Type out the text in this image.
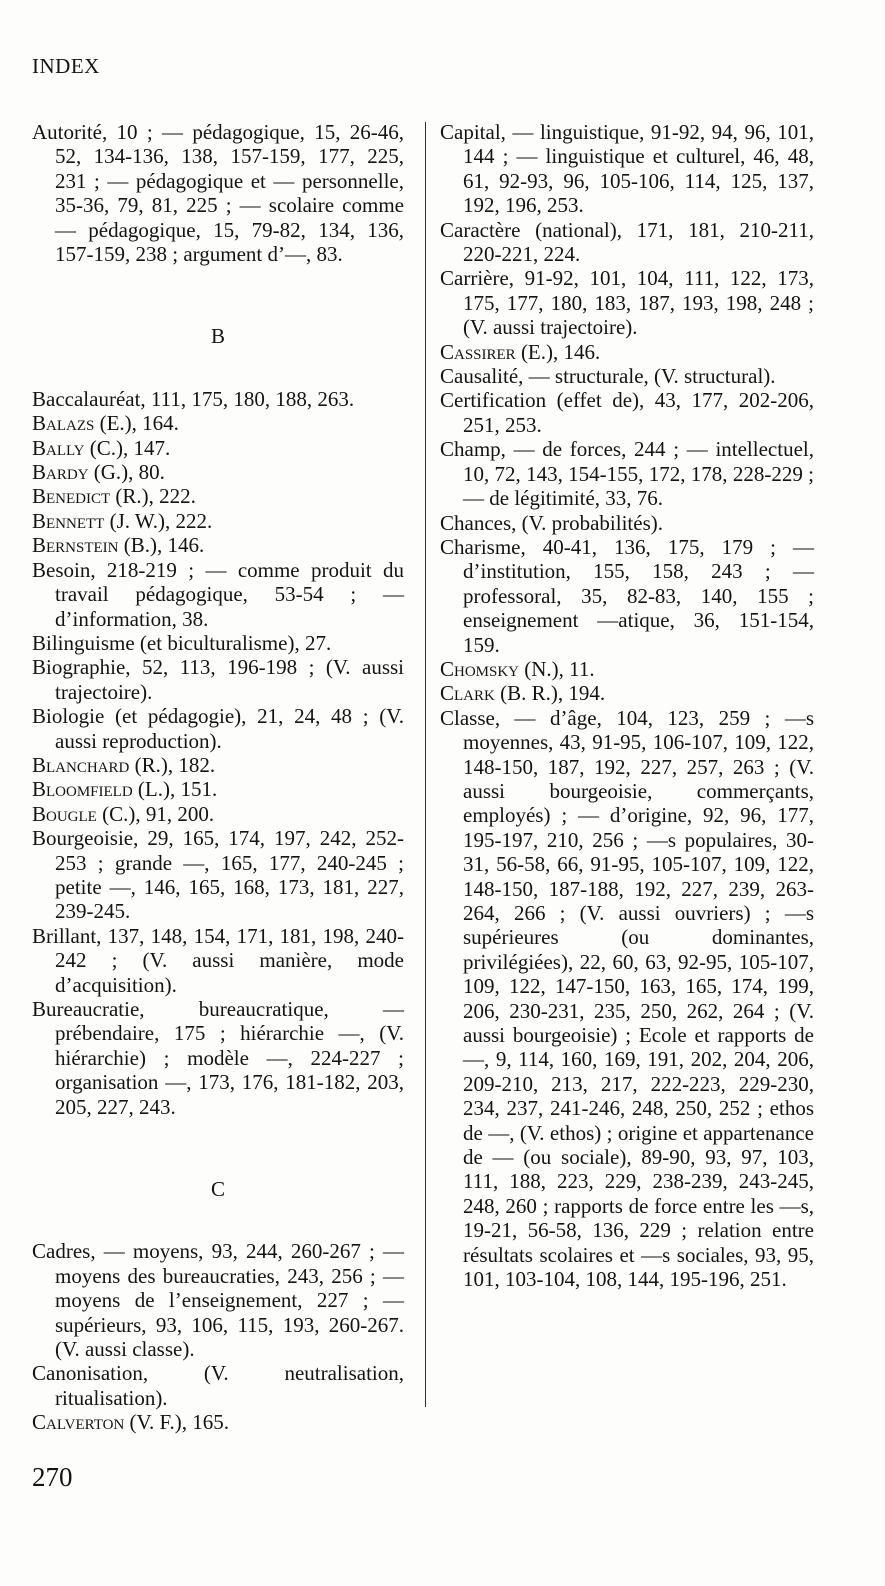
INDEX
Autorité, 10 ; — pédagogique, 15, 26-46, 52, 134-136, 138, 157-159, 177, 225, 231 ; — pédagogique et — personnelle, 35-36, 79, 81, 225 ; — scolaire comme — pédagogique, 15, 79-82, 134, 136, 157-159, 238 ; argument d’—, 83.
B
Baccalauréat, 111, 175, 180, 188, 263.
Balazs (E.), 164.
Bally (C.), 147.
Bardy (G.), 80.
Benedict (R.), 222.
Bennett (J. W.), 222.
Bernstein (B.), 146.
Besoin, 218-219 ; — comme produit du travail pédagogique, 53-54 ; — d’information, 38.
Bilinguisme (et biculturalisme), 27.
Biographie, 52, 113, 196-198 ; (V. aussi trajectoire).
Biologie (et pédagogie), 21, 24, 48 ; (V. aussi reproduction).
Blanchard (R.), 182.
Bloomfield (L.), 151.
Bougle (C.), 91, 200.
Bourgeoisie, 29, 165, 174, 197, 242, 252-253 ; grande —, 165, 177, 240-245 ; petite —, 146, 165, 168, 173, 181, 227, 239-245.
Brillant, 137, 148, 154, 171, 181, 198, 240-242 ; (V. aussi manière, mode d’acquisition).
Bureaucratie, bureaucratique, — prébendaire, 175 ; hiérarchie —, (V. hiérarchie) ; modèle —, 224-227 ; organisation —, 173, 176, 181-182, 203, 205, 227, 243.
C
Cadres, — moyens, 93, 244, 260-267 ; — moyens des bureaucraties, 243, 256 ; — moyens de l’enseignement, 227 ; — supérieurs, 93, 106, 115, 193, 260-267. (V. aussi classe).
Canonisation, (V. neutralisation, ritualisation).
Calverton (V. F.), 165.
Capital, — linguistique, 91-92, 94, 96, 101, 144 ; — linguistique et culturel, 46, 48, 61, 92-93, 96, 105-106, 114, 125, 137, 192, 196, 253.
Caractère (national), 171, 181, 210-211, 220-221, 224.
Carrière, 91-92, 101, 104, 111, 122, 173, 175, 177, 180, 183, 187, 193, 198, 248 ; (V. aussi trajectoire).
Cassirer (E.), 146.
Causalité, — structurale, (V. structural).
Certification (effet de), 43, 177, 202-206, 251, 253.
Champ, — de forces, 244 ; — intellectuel, 10, 72, 143, 154-155, 172, 178, 228-229 ; — de légitimité, 33, 76.
Chances, (V. probabilités).
Charisme, 40-41, 136, 175, 179 ; — d’institution, 155, 158, 243 ; — professoral, 35, 82-83, 140, 155 ; enseignement —atique, 36, 151-154, 159.
Chomsky (N.), 11.
Clark (B. R.), 194.
Classe, — d’âge, 104, 123, 259 ; —s moyennes, 43, 91-95, 106-107, 109, 122, 148-150, 187, 192, 227, 257, 263 ; (V. aussi bourgeoisie, commerçants, employés) ; — d’origine, 92, 96, 177, 195-197, 210, 256 ; —s populaires, 30-31, 56-58, 66, 91-95, 105-107, 109, 122, 148-150, 187-188, 192, 227, 239, 263-264, 266 ; (V. aussi ouvriers) ; —s supérieures (ou dominantes, privilégiées), 22, 60, 63, 92-95, 105-107, 109, 122, 147-150, 163, 165, 174, 199, 206, 230-231, 235, 250, 262, 264 ; (V. aussi bourgeoisie) ; Ecole et rapports de —, 9, 114, 160, 169, 191, 202, 204, 206, 209-210, 213, 217, 222-223, 229-230, 234, 237, 241-246, 248, 250, 252 ; ethos de —, (V. ethos) ; origine et appartenance de — (ou sociale), 89-90, 93, 97, 103, 111, 188, 223, 229, 238-239, 243-245, 248, 260 ; rapports de force entre les —s, 19-21, 56-58, 136, 229 ; relation entre résultats scolaires et —s sociales, 93, 95, 101, 103-104, 108, 144, 195-196, 251.
270
